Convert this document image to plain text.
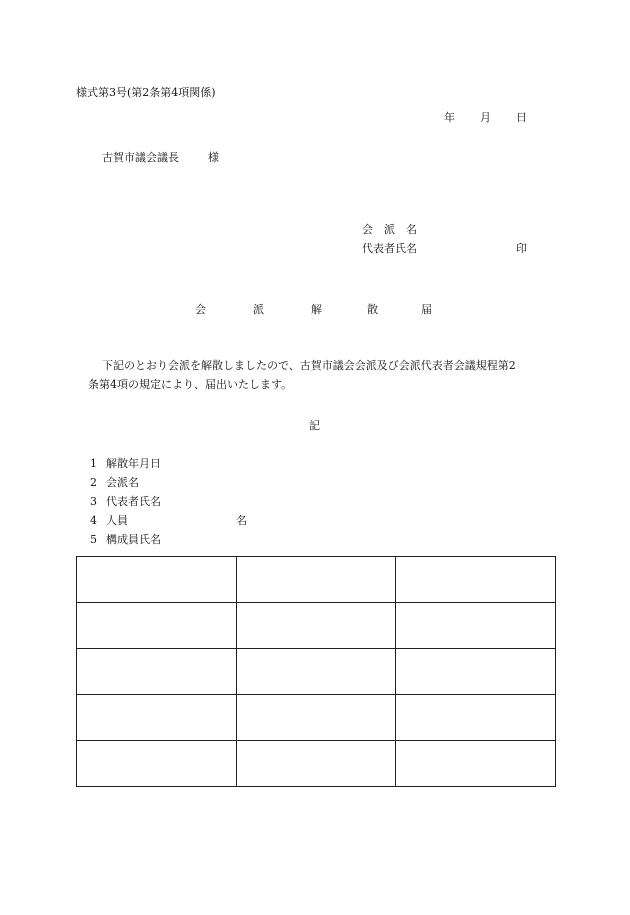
様式第3号(第2条第4項関係)
年 月 日
古賀市議会議長	様
会　派　名
代表者氏名	印
会	派	解	散	届
下記のとおり会派を解散しましたので、古賀市議会会派及び会派代表者会議規程第2
条第4項の規定により、届出いたします。
記
1 解散年月日
2 会派名
3 代表者氏名
4 人員	名
5 構成員氏名
